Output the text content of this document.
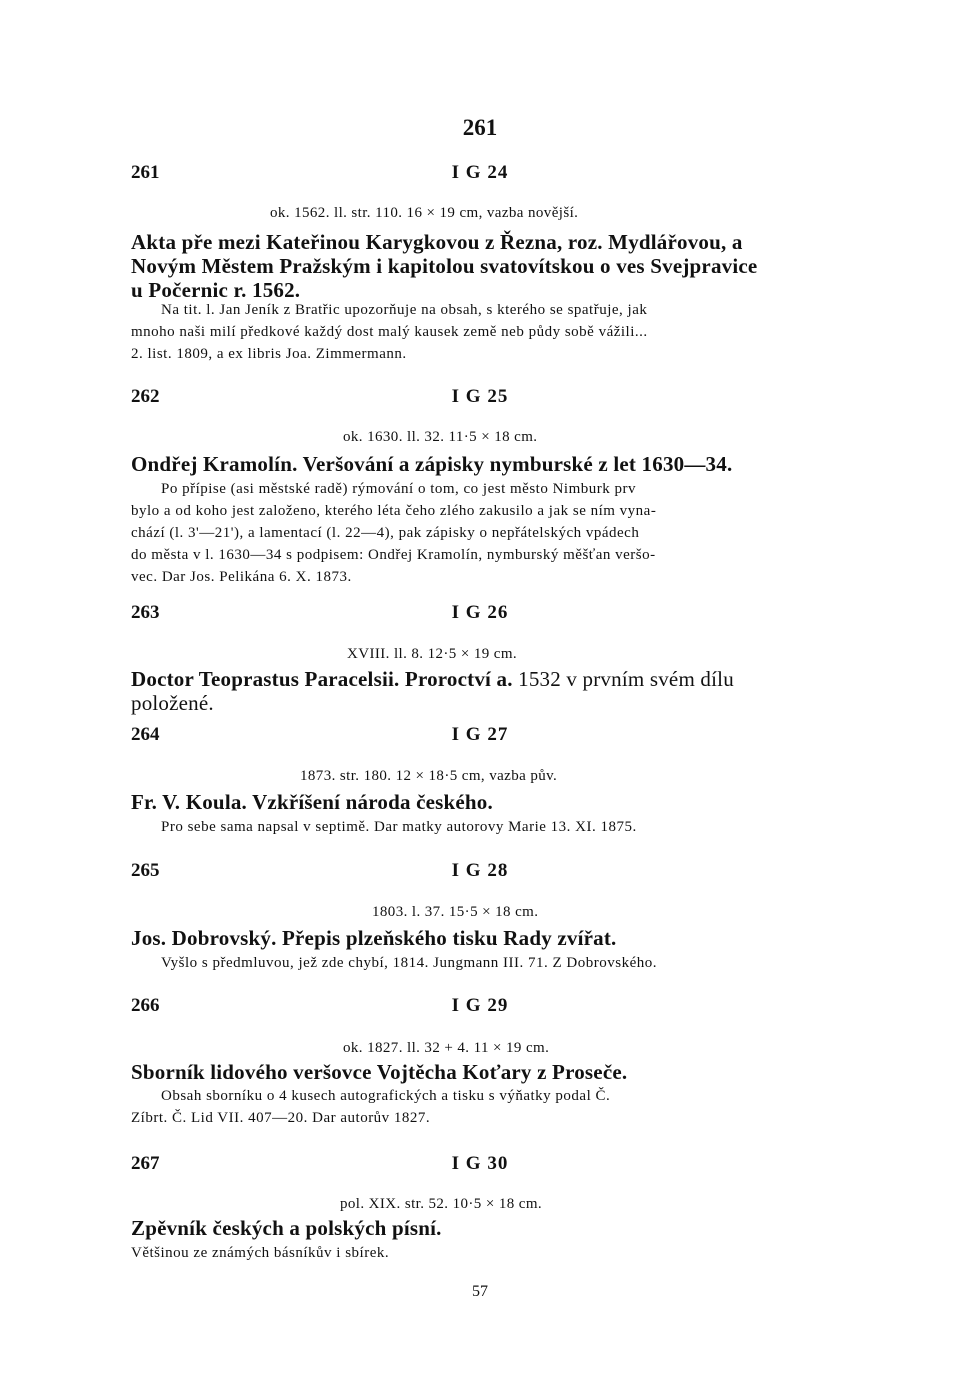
261
261	I G 24
ok. 1562. ll. str. 110. 16 × 19 cm, vazba novější.

Akta pře mezi Kateřinou Karygkovou z Řezna, roz. Mydlářovou, a

Novým Městem Pražským i kapitolou svatovítskou o ves Svejpravice

u Počernic r. 1562.

Na tit. l. Jan Jeník z Bratřic upozorňuje na obsah, s kterého se spatřuje, jak

mnoho naši milí předkové každý dost malý kausek země neb půdy sobě vážili...

2. list. 1809, a ex libris Joa. Zimmermann.

262	I G 25
ok. 1630. ll. 32. 11·5 × 18 cm.

Ondřej Kramolín. Veršování a zápisky nymburské z let 1630—34.

Po přípise (asi městské radě) rýmování o tom, co jest město Nimburk prv

bylo a od koho jest založeno, kterého léta čeho zlého zakusilo a jak se ním vyna-

chází (l. 3'—21'), a lamentací (l. 22—4), pak zápisky o nepřátelských vpádech

do města v l. 1630—34 s podpisem: Ondřej Kramolín, nymburský měšťan veršo-

vec. Dar Jos. Pelikána 6. X. 1873.

263	I G 26
XVIII. ll. 8. 12·5 × 19 cm.

Doctor Teoprastus Paracelsii. Proroctví a. 1532 v prvním svém dílu

položené.

264	I G 27
1873. str. 180. 12 × 18·5 cm, vazba pův.

Fr. V. Koula. Vzkříšení národa českého.

Pro sebe sama napsal v septimě. Dar matky autorovy Marie 13. XI. 1875.

265	I G 28
1803. l. 37. 15·5 × 18 cm.

Jos. Dobrovský. Přepis plzeňského tisku Rady zvířat.

Vyšlo s předmluvou, jež zde chybí, 1814. Jungmann III. 71. Z Dobrovského.

266	I G 29
ok. 1827. ll. 32 + 4. 11 × 19 cm.

Sborník lidového veršovce Vojtěcha Koťary z Proseče.

Obsah sborníku o 4 kusech autografických a tisku s výňatky podal Č.

Zíbrt. Č. Lid VII. 407—20. Dar autorův 1827.

267	I G 30
pol. XIX. str. 52. 10·5 × 18 cm.

Zpěvník českých a polských písní.

Většinou ze známých básníkův i sbírek.

57
